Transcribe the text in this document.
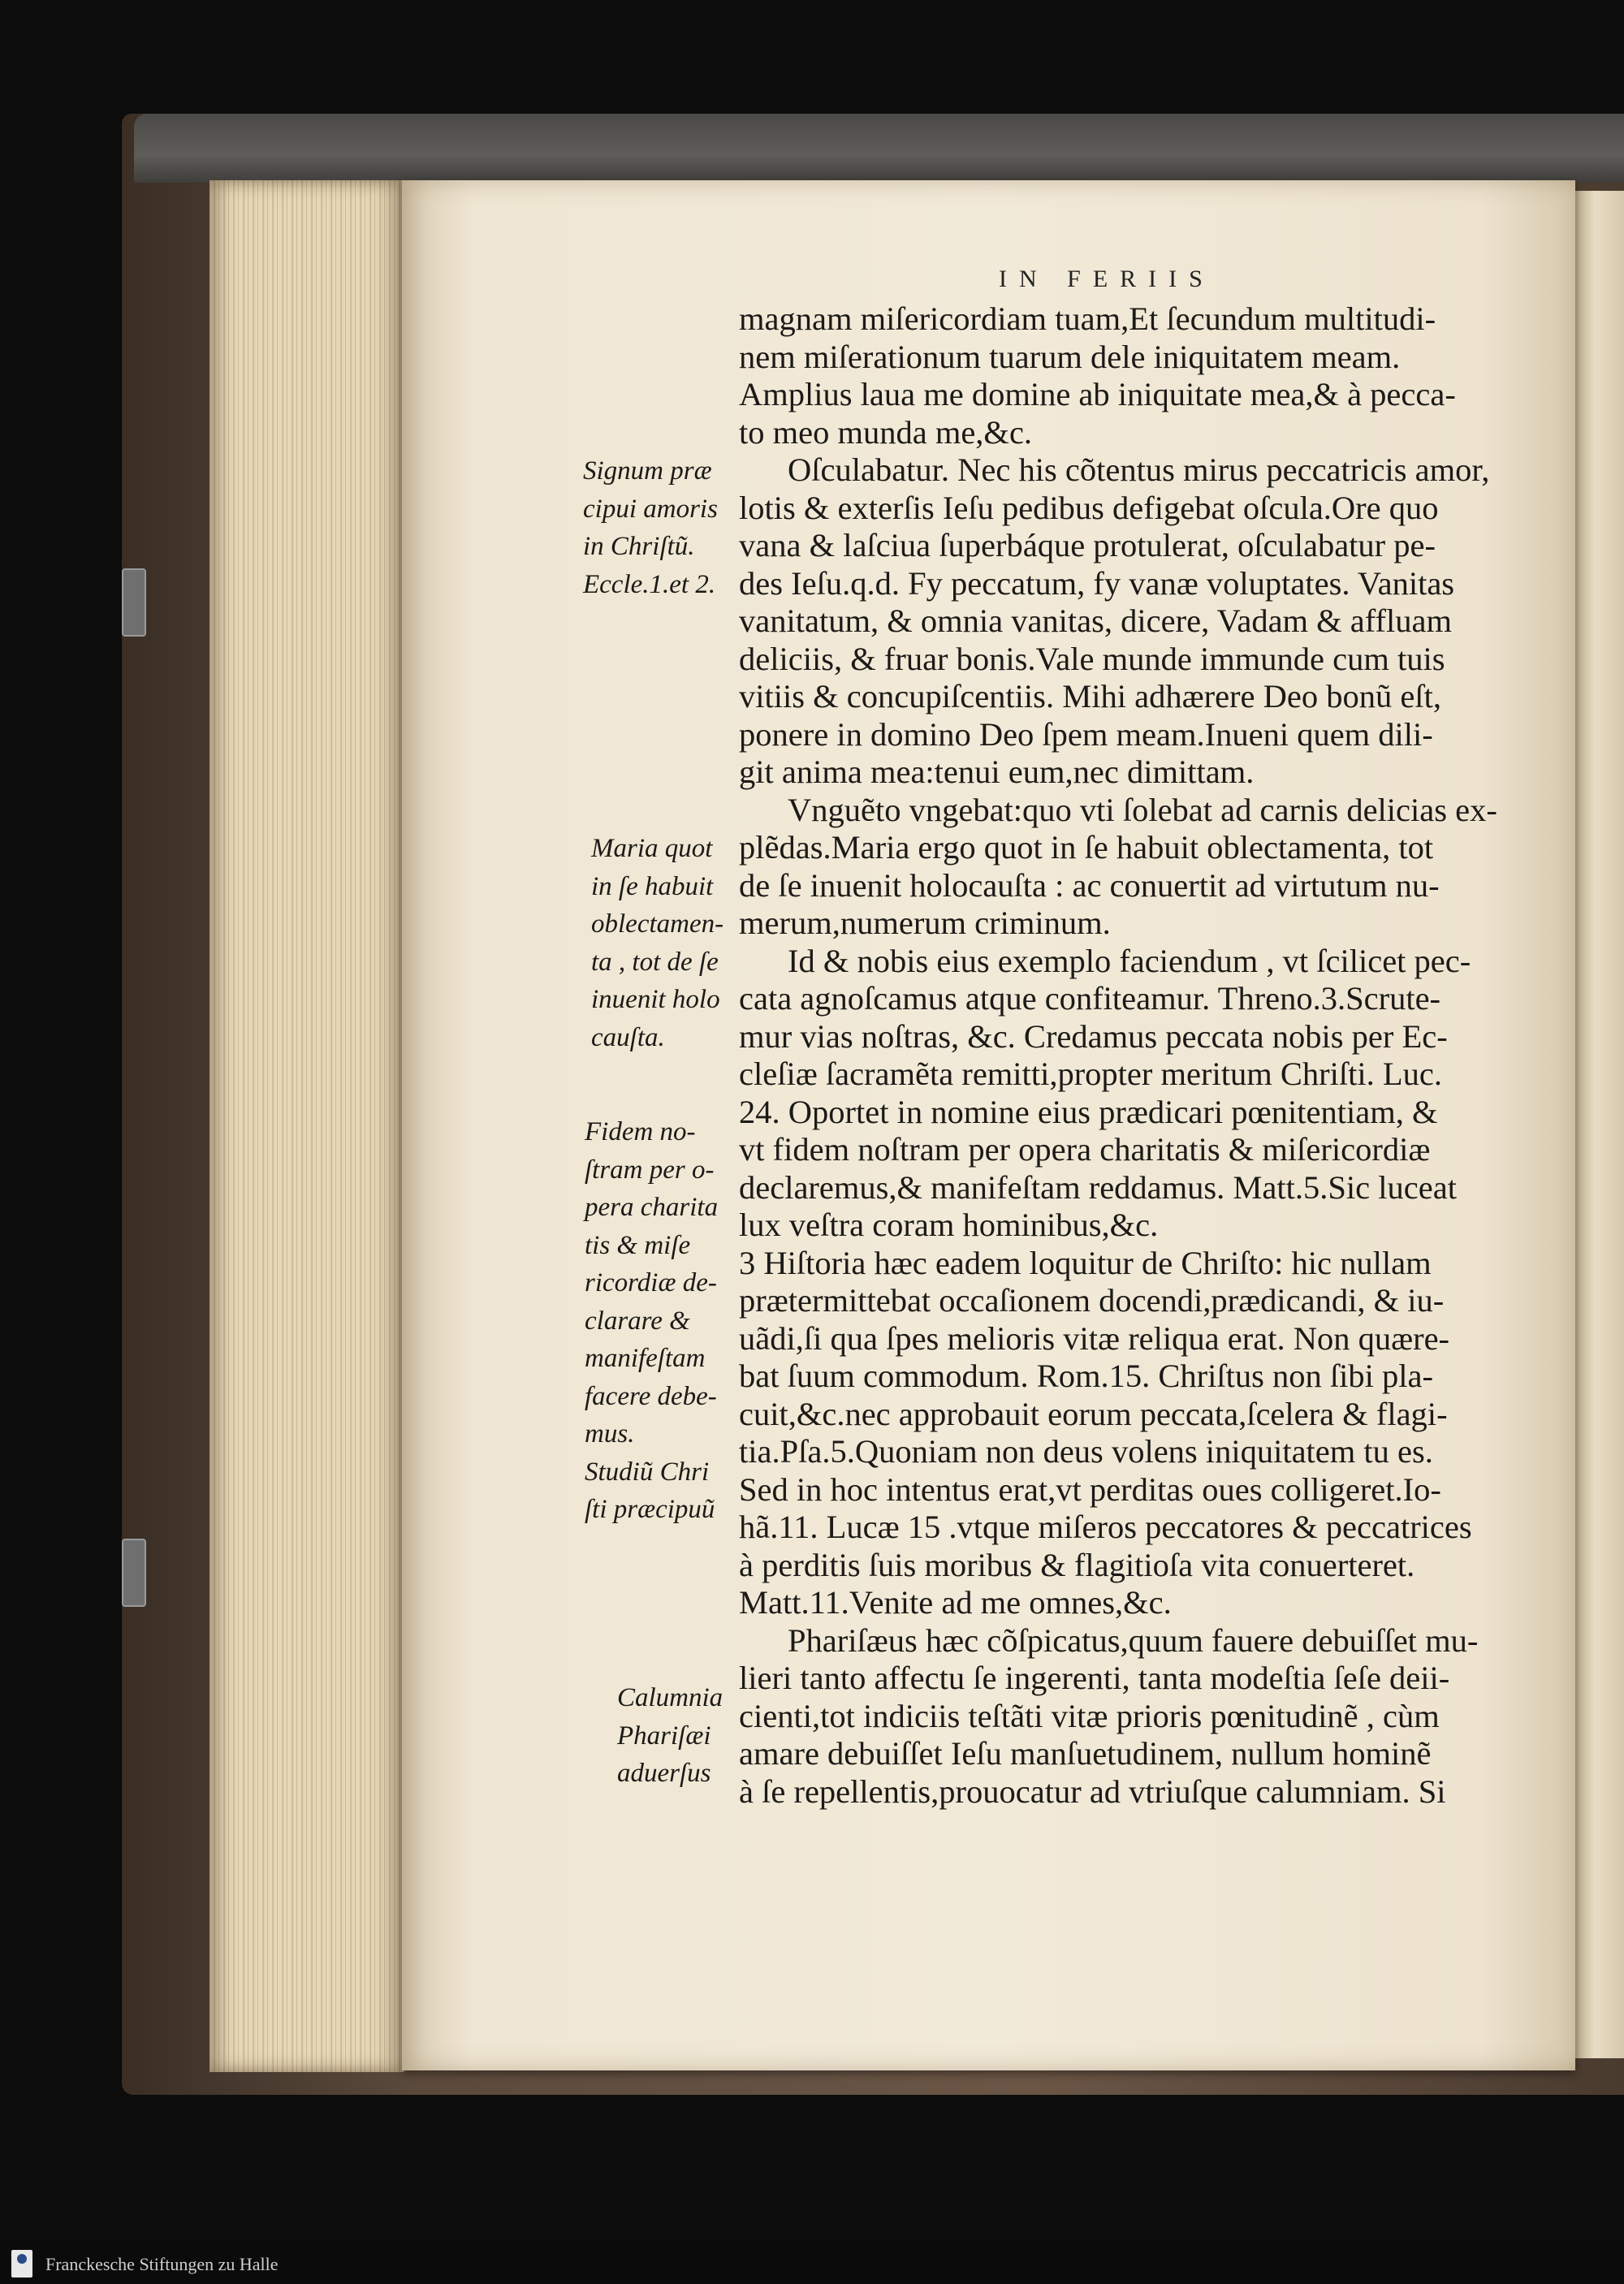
IN FERIIS
magnam miſericordiam tuam,Et ſecundum multitudi-
nem miſerationum tuarum dele iniquitatem meam.
Amplius laua me domine ab iniquitate mea,& à pecca-
to meo munda me,&c.
Oſculabatur. Nec his cõtentus mirus peccatricis amor,
lotis & exterſis Ieſu pedibus defigebat oſcula.Ore quo
vana & laſciua ſuperbáque protulerat, oſculabatur pe-
des Ieſu.q.d. Fy peccatum, fy vanæ voluptates. Vanitas
vanitatum, & omnia vanitas, dicere, Vadam & affluam
deliciis, & fruar bonis.Vale munde immunde cum tuis
vitiis & concupiſcentiis. Mihi adhærere Deo bonũ eſt,
ponere in domino Deo ſpem meam.Inueni quem dili-
git anima mea:tenui eum,nec dimittam.
Vnguẽto vngebat:quo vti ſolebat ad carnis delicias ex-
plẽdas.Maria ergo quot in ſe habuit oblectamenta, tot
de ſe inuenit holocauſta : ac conuertit ad virtutum nu-
merum,numerum criminum.
Id & nobis eius exemplo faciendum , vt ſcilicet pec-
cata agnoſcamus atque confiteamur. Threno.3.Scrute-
mur vias noſtras, &c. Credamus peccata nobis per Ec-
cleſiæ ſacramẽta remitti,propter meritum Chriſti. Luc.
24. Oportet in nomine eius prædicari pœnitentiam, &
vt fidem noſtram per opera charitatis & miſericordiæ
declaremus,& manifeſtam reddamus. Matt.5.Sic luceat
lux veſtra coram hominibus,&c.
3 Hiſtoria hæc eadem loquitur de Chriſto: hic nullam
prætermittebat occaſionem docendi,prædicandi, & iu-
uãdi,ſi qua ſpes melioris vitæ reliqua erat. Non quære-
bat ſuum commodum. Rom.15. Chriſtus non ſibi pla-
cuit,&c.nec approbauit eorum peccata,ſcelera & flagi-
tia.Pſa.5.Quoniam non deus volens iniquitatem tu es.
Sed in hoc intentus erat,vt perditas oues colligeret.Io-
hã.11. Lucæ 15 .vtque miſeros peccatores & peccatrices
à perditis ſuis moribus & flagitioſa vita conuerteret.
Matt.11.Venite ad me omnes,&c.
Phariſæus hæc cõſpicatus,quum fauere debuiſſet mu-
lieri tanto affectu ſe ingerenti, tanta modeſtia ſeſe deii-
cienti,tot indiciis teſtãti vitæ prioris pœnitudinẽ , cùm
amare debuiſſet Ieſu manſuetudinem, nullum hominẽ
à ſe repellentis,prouocatur ad vtriuſque calumniam. Si
Signum præ
cipui amoris
in Chriſtũ.
Eccle.1.et 2.
Maria quot
in ſe habuit
oblectamen-
ta , tot de ſe
inuenit holo
cauſta.
Fidem no-
ſtram per o-
pera charita
tis & miſe
ricordiæ de-
clarare &
manifeſtam
facere debe-
mus.
Studiũ Chri
ſti præcipuũ
Calumnia
Phariſæi
aduerſus
Franckesche Stiftungen zu Halle
